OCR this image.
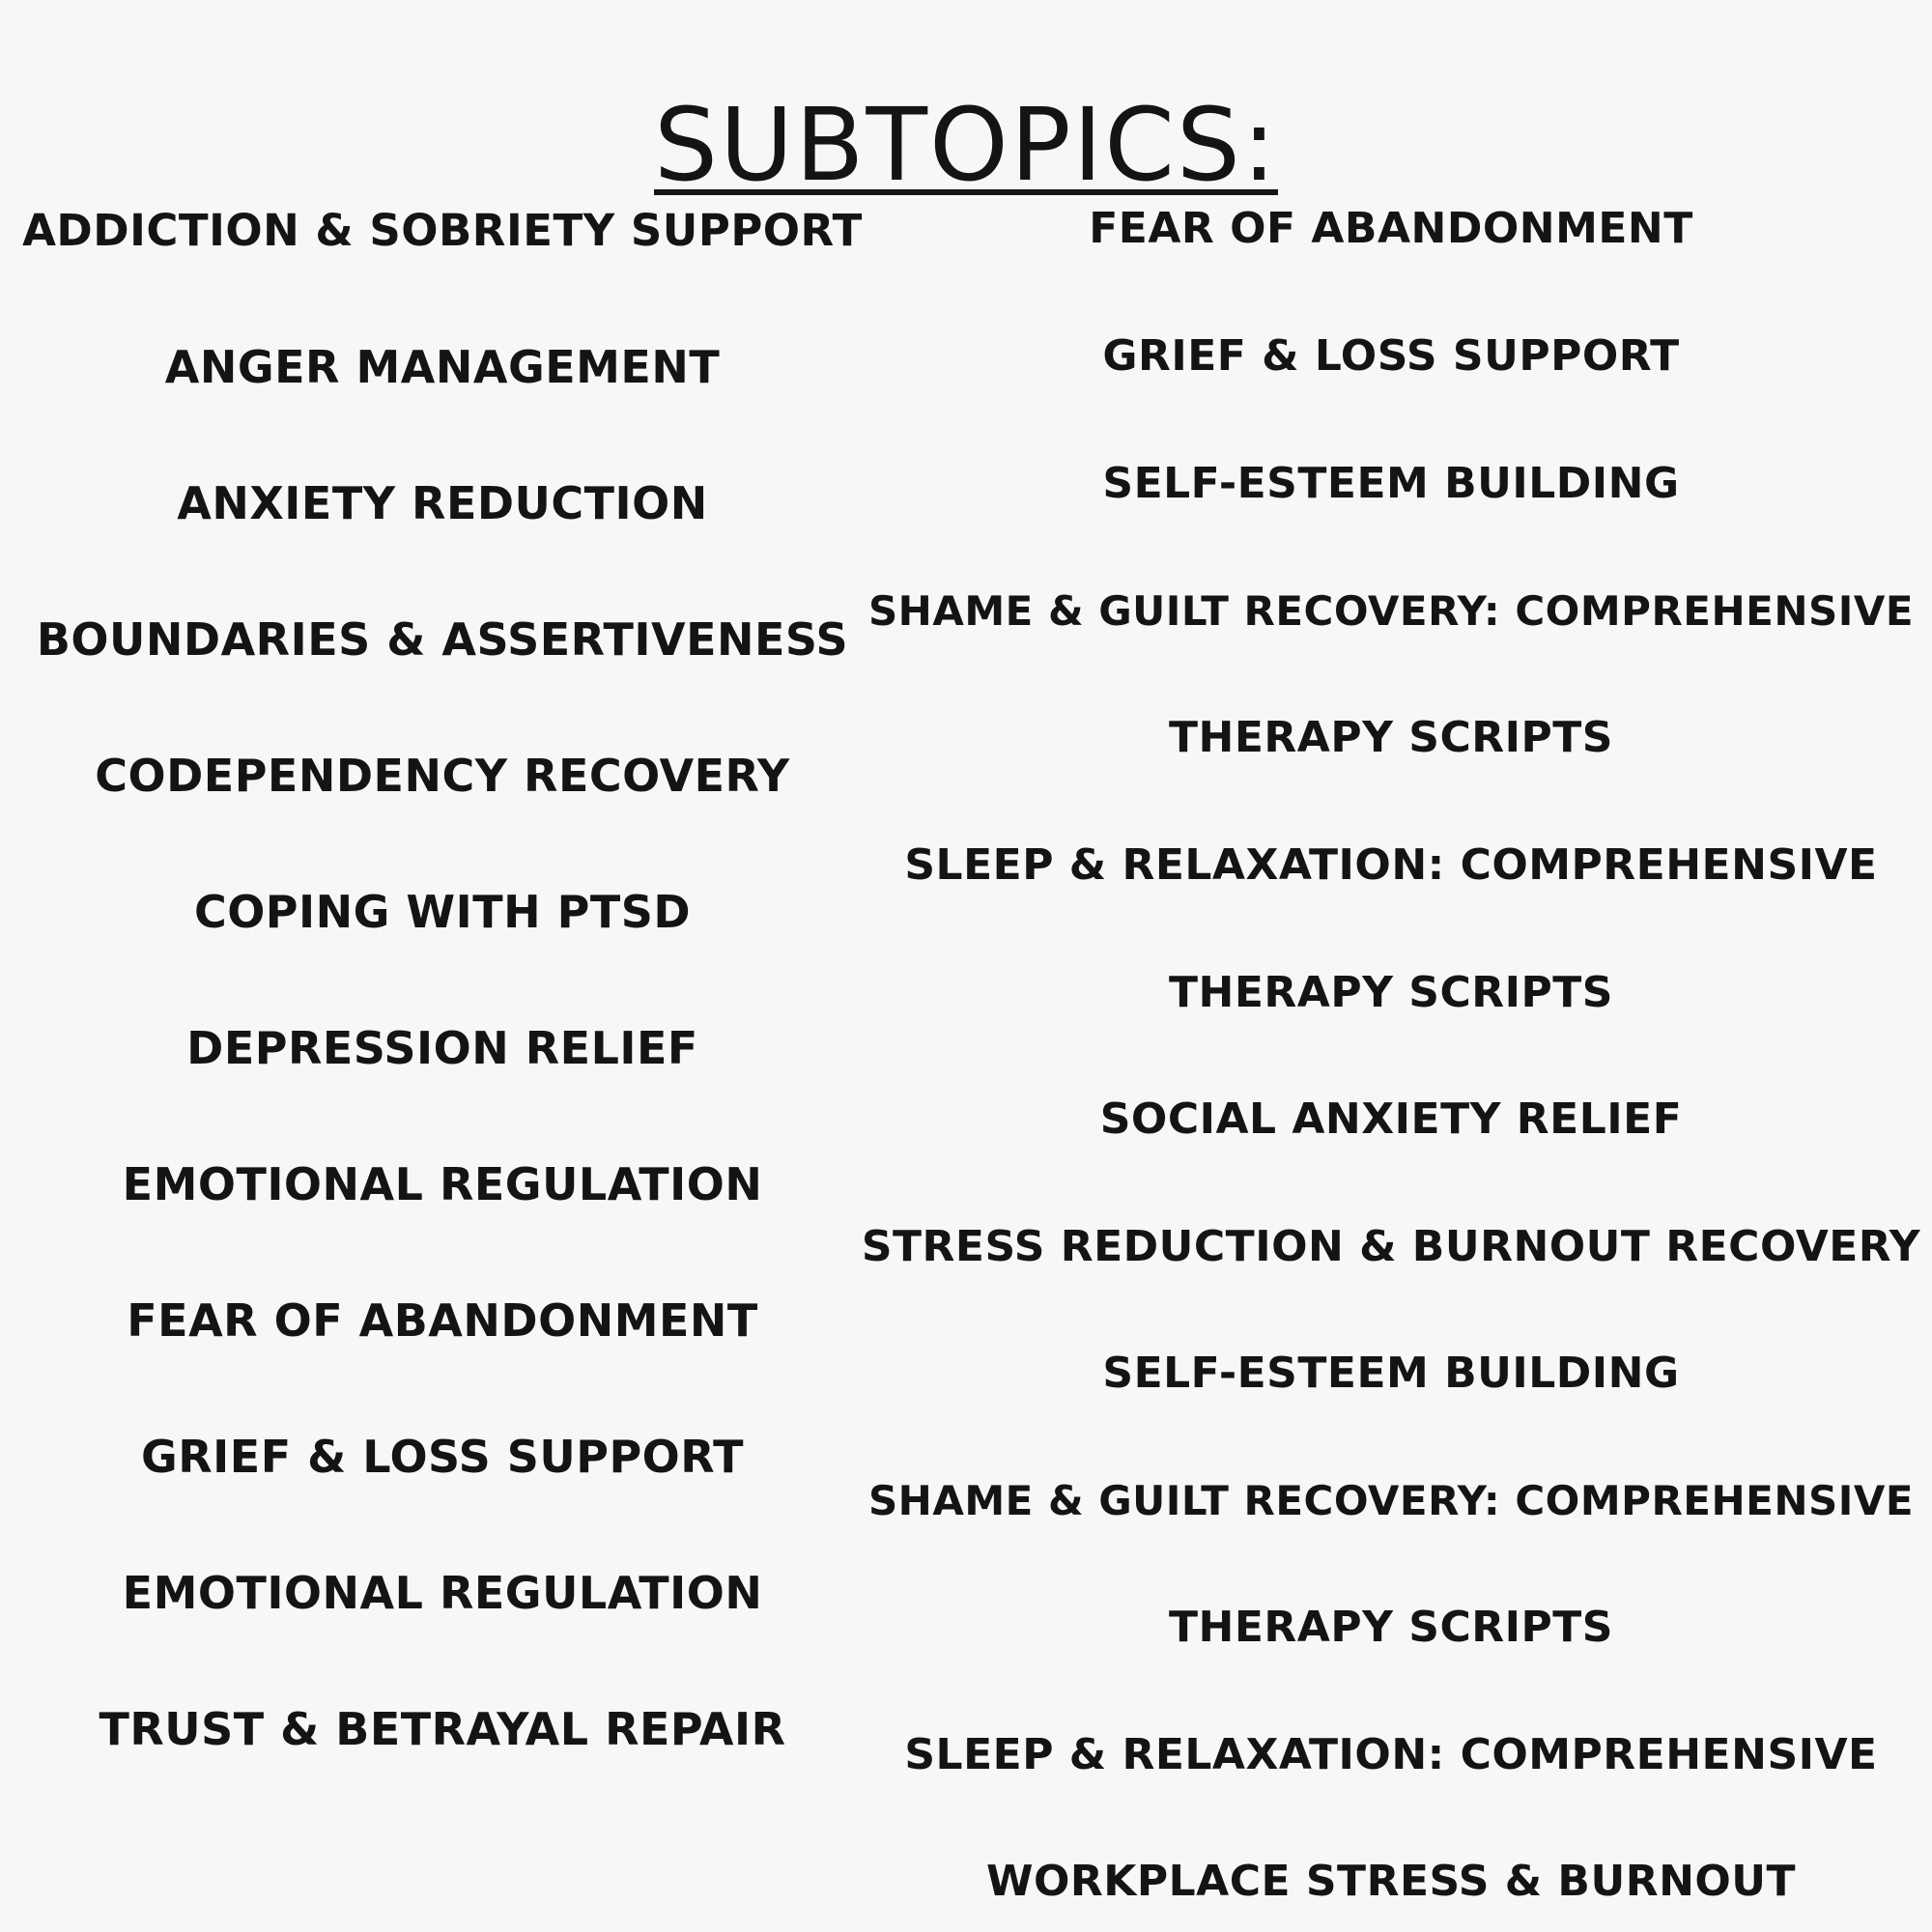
SUBTOPICS:
ADDICTION & SOBRIETY SUPPORT
ANGER MANAGEMENT
ANXIETY REDUCTION
BOUNDARIES & ASSERTIVENESS
CODEPENDENCY RECOVERY
COPING WITH PTSD
DEPRESSION RELIEF
EMOTIONAL REGULATION
FEAR OF ABANDONMENT
GRIEF & LOSS SUPPORT
EMOTIONAL REGULATION
TRUST & BETRAYAL REPAIR
FEAR OF ABANDONMENT
GRIEF & LOSS SUPPORT
SELF-ESTEEM BUILDING
SHAME & GUILT RECOVERY: COMPREHENSIVE
THERAPY SCRIPTS
SLEEP & RELAXATION: COMPREHENSIVE
THERAPY SCRIPTS
SOCIAL ANXIETY RELIEF
STRESS REDUCTION & BURNOUT RECOVERY
SELF-ESTEEM BUILDING
SHAME & GUILT RECOVERY: COMPREHENSIVE
THERAPY SCRIPTS
SLEEP & RELAXATION: COMPREHENSIVE
WORKPLACE STRESS & BURNOUT
